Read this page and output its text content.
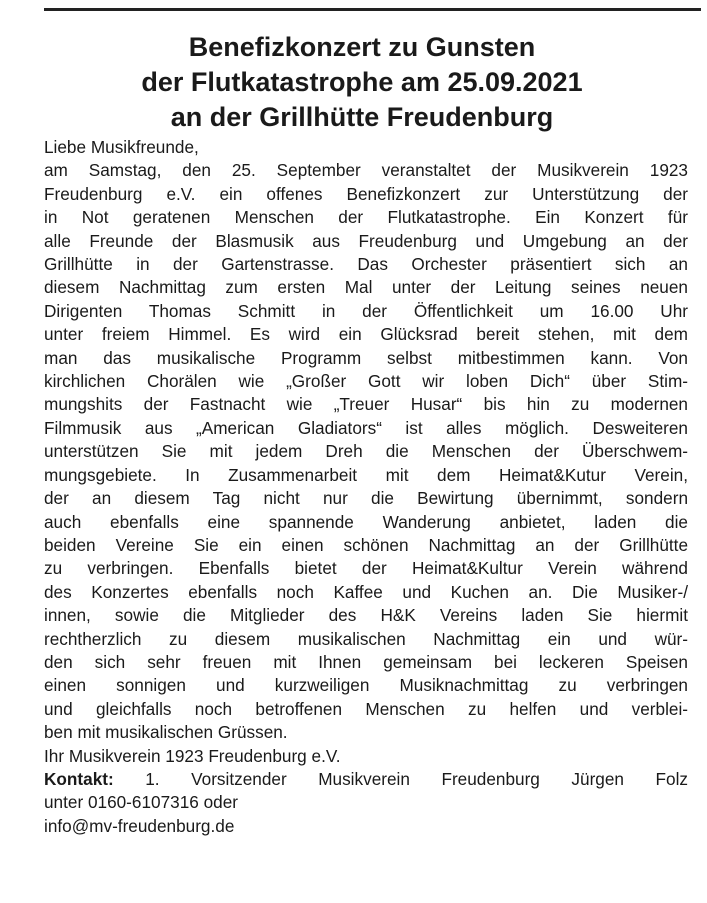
Benefizkonzert zu Gunsten
der Flutkatastrophe am 25.09.2021
an der Grillhütte Freudenburg
Liebe Musikfreunde,
am Samstag, den 25. September veranstaltet der Musikverein 1923
Freudenburg e.V. ein offenes Benefizkonzert zur Unterstützung der
in Not geratenen Menschen der Flutkatastrophe. Ein Konzert für
alle Freunde der Blasmusik aus Freudenburg und Umgebung an der
Grillhütte in der Gartenstrasse. Das Orchester präsentiert sich an
diesem Nachmittag zum ersten Mal unter der Leitung seines neuen
Dirigenten Thomas Schmitt in der Öffentlichkeit um 16.00 Uhr
unter freiem Himmel. Es wird ein Glücksrad bereit stehen, mit dem
man das musikalische Programm selbst mitbestimmen kann. Von
kirchlichen Chorälen wie „Großer Gott wir loben Dich“ über Stim-
mungshits der Fastnacht wie „Treuer Husar“ bis hin zu modernen
Filmmusik aus „American Gladiators“ ist alles möglich. Desweiteren
unterstützen Sie mit jedem Dreh die Menschen der Überschwem-
mungsgebiete. In Zusammenarbeit mit dem Heimat&Kutur Verein,
der an diesem Tag nicht nur die Bewirtung übernimmt, sondern
auch ebenfalls eine spannende Wanderung anbietet, laden die
beiden Vereine Sie ein einen schönen Nachmittag an der Grillhütte
zu verbringen. Ebenfalls bietet der Heimat&Kultur Verein während
des Konzertes ebenfalls noch Kaffee und Kuchen an. Die Musiker-/
innen, sowie die Mitglieder des H&K Vereins laden Sie hiermit
rechtherzlich zu diesem musikalischen Nachmittag ein und wür-
den sich sehr freuen mit Ihnen gemeinsam bei leckeren Speisen
einen sonnigen und kurzweiligen Musiknachmittag zu verbringen
und gleichfalls noch betroffenen Menschen zu helfen und verblei-
ben mit musikalischen Grüssen.
Ihr Musikverein 1923 Freudenburg e.V.
Kontakt: 1. Vorsitzender Musikverein Freudenburg Jürgen Folz
unter 0160-6107316 oder
info@mv-freudenburg.de
